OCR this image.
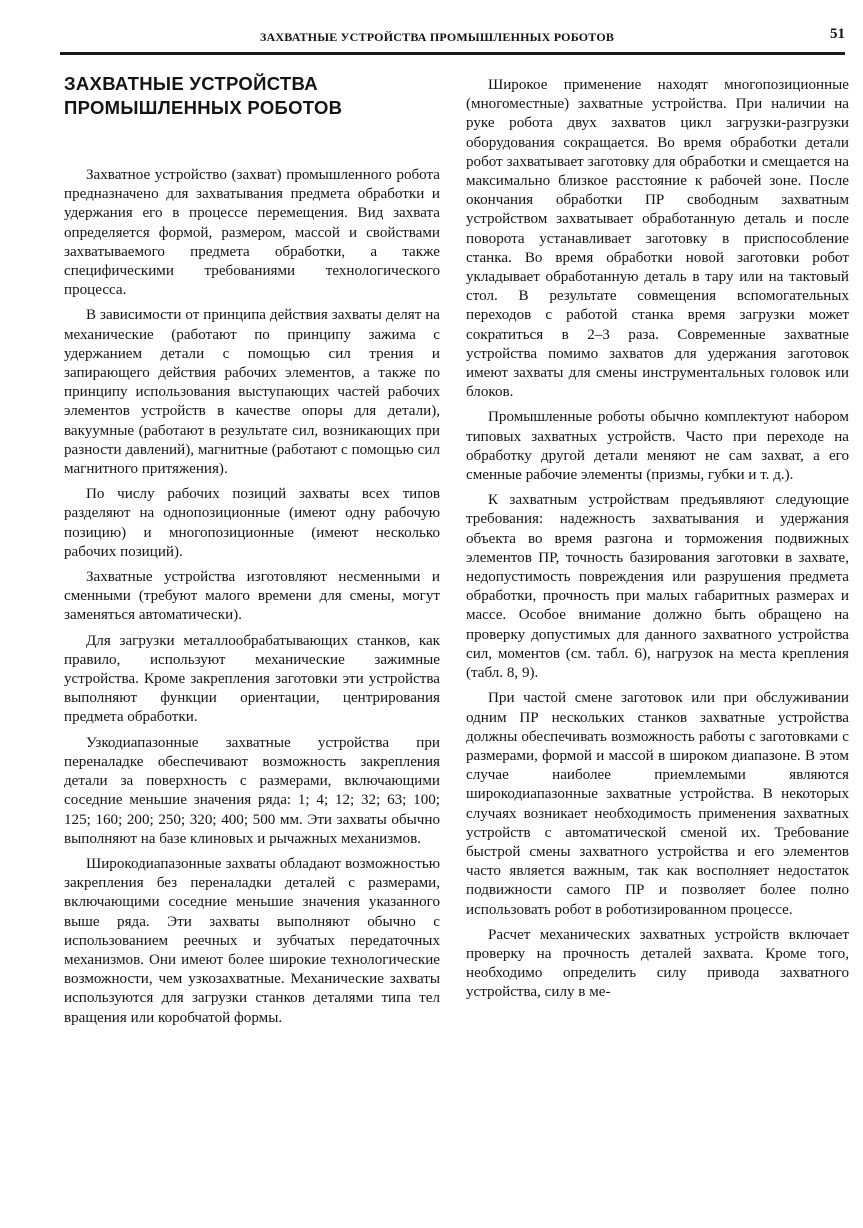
ЗАХВАТНЫЕ УСТРОЙСТВА ПРОМЫШЛЕННЫХ РОБОТОВ	51
ЗАХВАТНЫЕ УСТРОЙСТВА
ПРОМЫШЛЕННЫХ РОБОТОВ

Захватное устройство (захват) промышленного робота предназначено для захватывания предмета обработки и удержания его в процессе перемещения. Вид захвата определяется формой, размером, массой и свойствами захватываемого предмета обработки, а также специфическими требованиями технологического процесса.

В зависимости от принципа действия захваты делят на механические (работают по принципу зажима с удержанием детали с помощью сил трения и запирающего действия рабочих элементов, а также по принципу использования выступающих частей рабочих элементов устройств в качестве опоры для детали), вакуумные (работают в результате сил, возникающих при разности давлений), магнитные (работают с помощью сил магнитного притяжения).

По числу рабочих позиций захваты всех типов разделяют на однопозиционные (имеют одну рабочую позицию) и многопозиционные (имеют несколько рабочих позиций).

Захватные устройства изготовляют несменными и сменными (требуют малого времени для смены, могут заменяться автоматически).

Для загрузки металлообрабатывающих станков, как правило, используют механические зажимные устройства. Кроме закрепления заготовки эти устройства выполняют функции ориентации, центрирования предмета обработки.

Узкодиапазонные захватные устройства при переналадке обеспечивают возможность закрепления детали за поверхность с размерами, включающими соседние меньшие значения ряда: 1; 4; 12; 32; 63; 100; 125; 160; 200; 250; 320; 400; 500 мм. Эти захваты обычно выполняют на базе клиновых и рычажных механизмов.

Широкодиапазонные захваты обладают возможностью закрепления без переналадки деталей с размерами, включающими соседние меньшие значения указанного выше ряда. Эти захваты выполняют обычно с использованием реечных и зубчатых передаточных механизмов. Они имеют более широкие технологические возможности, чем узкозахватные. Механические захваты используются для загрузки станков деталями типа тел вращения или коробчатой формы.

Широкое применение находят многопозиционные (многоместные) захватные устройства. При наличии на руке робота двух захватов цикл загрузки-разгрузки оборудования сокращается. Во время обработки детали робот захватывает заготовку для обработки и смещается на максимально близкое расстояние к рабочей зоне. После окончания обработки ПР свободным захватным устройством захватывает обработанную деталь и после поворота устанавливает заготовку в приспособление станка. Во время обработки новой заготовки робот укладывает обработанную деталь в тару или на тактовый стол. В результате совмещения вспомогательных переходов с работой станка время загрузки может сократиться в 2–3 раза. Современные захватные устройства помимо захватов для удержания заготовок имеют захваты для смены инструментальных головок или блоков.

Промышленные роботы обычно комплектуют набором типовых захватных устройств. Часто при переходе на обработку другой детали меняют не сам захват, а его сменные рабочие элементы (призмы, губки и т. д.).

К захватным устройствам предъявляют следующие требования: надежность захватывания и удержания объекта во время разгона и торможения подвижных элементов ПР, точность базирования заготовки в захвате, недопустимость повреждения или разрушения предмета обработки, прочность при малых габаритных размерах и массе. Особое внимание должно быть обращено на проверку допустимых для данного захватного устройства сил, моментов (см. табл. 6), нагрузок на места крепления (табл. 8, 9).

При частой смене заготовок или при обслуживании одним ПР нескольких станков захватные устройства должны обеспечивать возможность работы с заготовками с размерами, формой и массой в широком диапазоне. В этом случае наиболее приемлемыми являются широкодиапазонные захватные устройства. В некоторых случаях возникает необходимость применения захватных устройств с автоматической сменой их. Требование быстрой смены захватного устройства и его элементов часто является важным, так как восполняет недостаток подвижности самого ПР и позволяет более полно использовать робот в роботизированном процессе.

Расчет механических захватных устройств включает проверку на прочность деталей захвата. Кроме того, необходимо определить силу привода захватного устройства, силу в ме-
